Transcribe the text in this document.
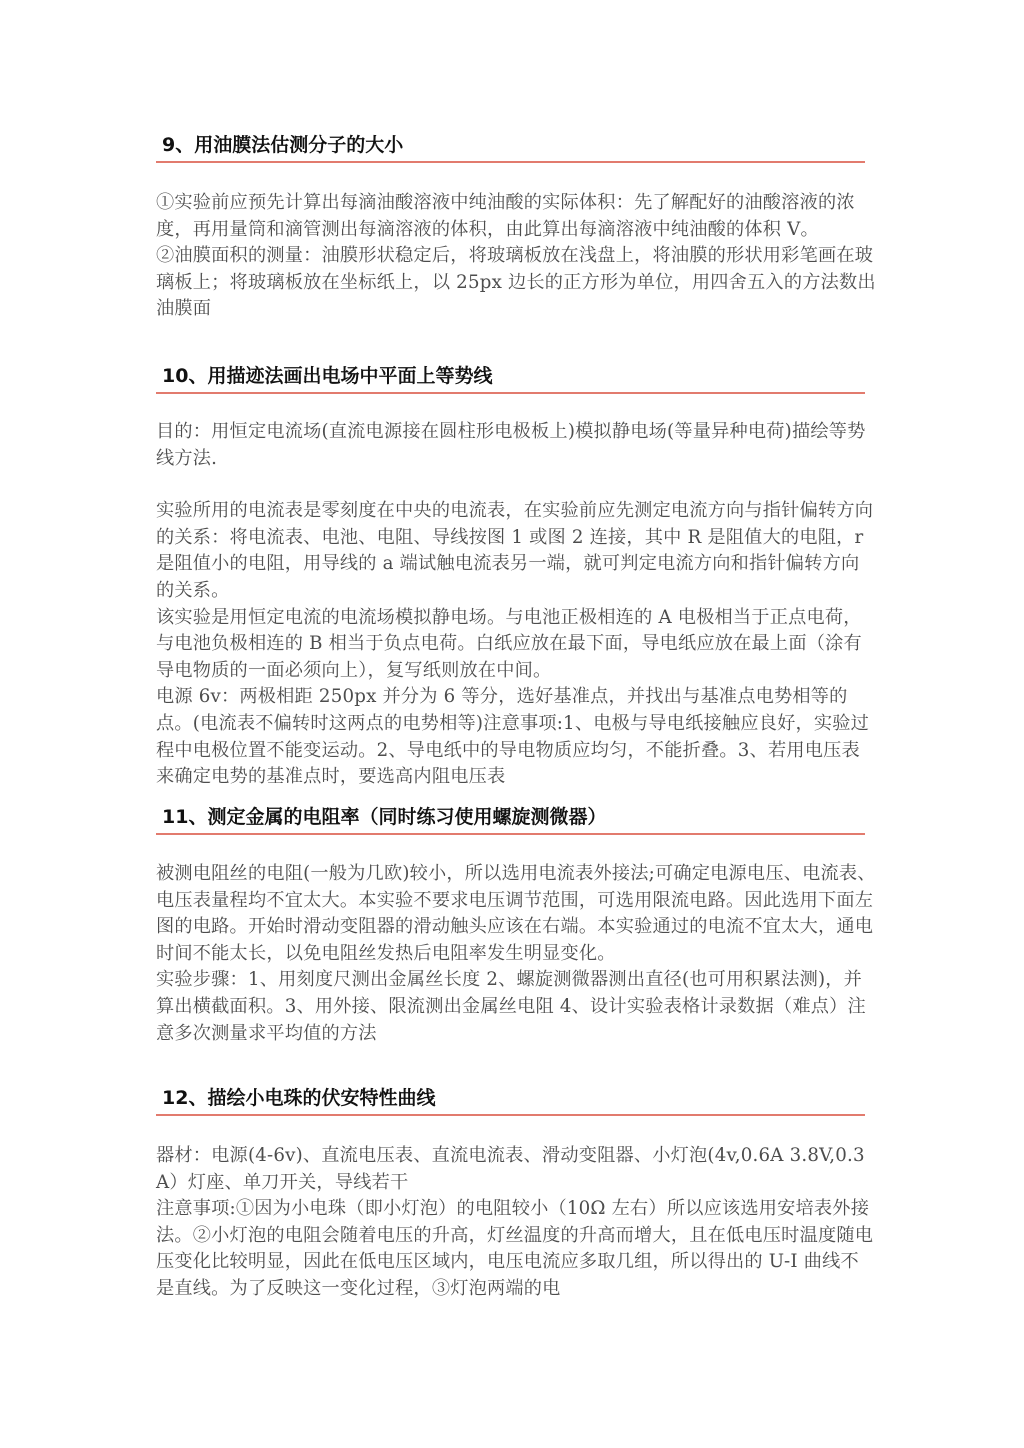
9、用油膜法估测分子的大小

①实验前应预先计算出每滴油酸溶液中纯油酸的实际体积：先了解配好的油酸溶液的浓度，再用量筒和滴管测出每滴溶液的体积，由此算出每滴溶液中纯油酸的体积 V。

②油膜面积的测量：油膜形状稳定后，将玻璃板放在浅盘上，将油膜的形状用彩笔画在玻璃板上；将玻璃板放在坐标纸上，以 25px 边长的正方形为单位，用四舍五入的方法数出油膜面

10、用描迹法画出电场中平面上等势线

目的：用恒定电流场(直流电源接在圆柱形电极板上)模拟静电场(等量异种电荷)描绘等势线方法.

实验所用的电流表是零刻度在中央的电流表，在实验前应先测定电流方向与指针偏转方向的关系：将电流表、电池、电阻、导线按图 1 或图 2 连接，其中 R 是阻值大的电阻，r 是阻值小的电阻，用导线的 a 端试触电流表另一端，就可判定电流方向和指针偏转方向的关系。

该实验是用恒定电流的电流场模拟静电场。与电池正极相连的 A 电极相当于正点电荷，与电池负极相连的 B 相当于负点电荷。白纸应放在最下面，导电纸应放在最上面（涂有导电物质的一面必须向上），复写纸则放在中间。

电源 6v：两极相距 250px 并分为 6 等分，选好基准点，并找出与基准点电势相等的点。(电流表不偏转时这两点的电势相等)注意事项:1、电极与导电纸接触应良好，实验过程中电极位置不能变运动。2、导电纸中的导电物质应均匀，不能折叠。3、若用电压表来确定电势的基准点时，要选高内阻电压表

11、测定金属的电阻率（同时练习使用螺旋测微器）

被测电阻丝的电阻(一般为几欧)较小，所以选用电流表外接法;可确定电源电压、电流表、电压表量程均不宜太大。本实验不要求电压调节范围，可选用限流电路。因此选用下面左图的电路。开始时滑动变阻器的滑动触头应该在右端。本实验通过的电流不宜太大，通电时间不能太长，以免电阻丝发热后电阻率发生明显变化。

实验步骤：1、用刻度尺测出金属丝长度 2、螺旋测微器测出直径(也可用积累法测)，并算出横截面积。3、用外接、限流测出金属丝电阻 4、设计实验表格计录数据（难点）注意多次测量求平均值的方法

12、描绘小电珠的伏安特性曲线

器材：电源(4-6v)、直流电压表、直流电流表、滑动变阻器、小灯泡(4v,0.6A 3.8V,0.3A）灯座、单刀开关，导线若干

注意事项:①因为小电珠（即小灯泡）的电阻较小（10Ω 左右）所以应该选用安培表外接法。②小灯泡的电阻会随着电压的升高，灯丝温度的升高而增大，且在低电压时温度随电压变化比较明显，因此在低电压区域内，电压电流应多取几组，所以得出的 U-I 曲线不是直线。为了反映这一变化过程，③灯泡两端的电
